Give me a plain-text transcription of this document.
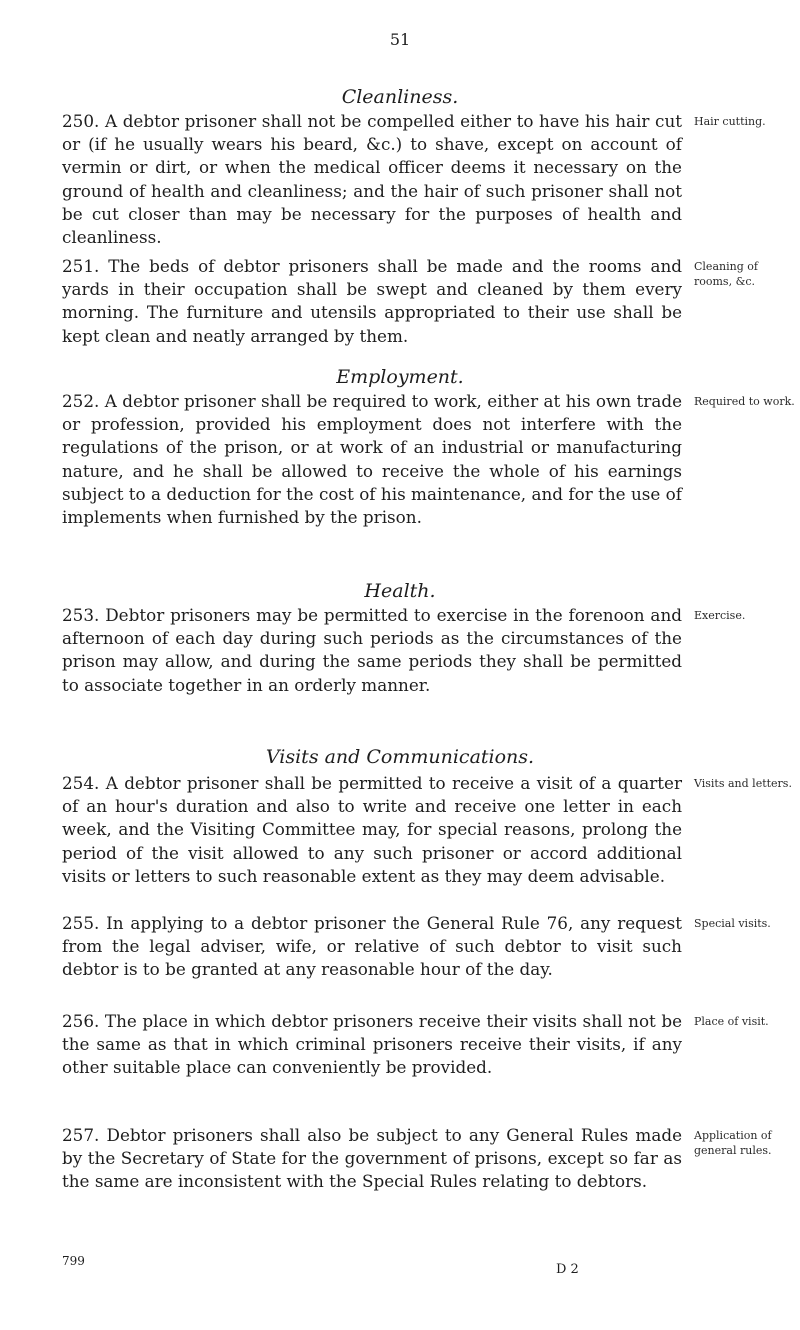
51
Cleanliness.

250. A debtor prisoner shall not be compelled either to have his hair cut or (if he usually wears his beard, &c.) to shave, except on account of vermin or dirt, or when the medical officer deems it necessary on the ground of health and cleanliness; and the hair of such prisoner shall not be cut closer than may be necessary for the purposes of health and cleanliness.

Hair cutting.

251. The beds of debtor prisoners shall be made and the rooms and yards in their occupation shall be swept and cleaned by them every morning. The furniture and utensils appropriated to their use shall be kept clean and neatly arranged by them.

Cleaning of rooms, &c.
Employment.

252. A debtor prisoner shall be required to work, either at his own trade or profession, provided his employment does not interfere with the regulations of the prison, or at work of an industrial or manufacturing nature, and he shall be allowed to receive the whole of his earnings subject to a deduction for the cost of his maintenance, and for the use of implements when furnished by the prison.

Required to work.
Health.

253. Debtor prisoners may be permitted to exercise in the forenoon and afternoon of each day during such periods as the circumstances of the prison may allow, and during the same periods they shall be permitted to associate together in an orderly manner.

Exercise.
Visits and Communications.

254. A debtor prisoner shall be permitted to receive a visit of a quarter of an hour's duration and also to write and receive one letter in each week, and the Visiting Committee may, for special reasons, prolong the period of the visit allowed to any such prisoner or accord additional visits or letters to such reasonable extent as they may deem advisable.

Visits and letters.

255. In applying to a debtor prisoner the General Rule 76, any request from the legal adviser, wife, or relative of such debtor to visit such debtor is to be granted at any reasonable hour of the day.

Special visits.

256. The place in which debtor prisoners receive their visits shall not be the same as that in which criminal prisoners receive their visits, if any other suitable place can conveniently be provided.

Place of visit.

257. Debtor prisoners shall also be subject to any General Rules made by the Secretary of State for the government of prisons, except so far as the same are inconsistent with the Special Rules relating to debtors.

Application of general rules.
799
D 2
